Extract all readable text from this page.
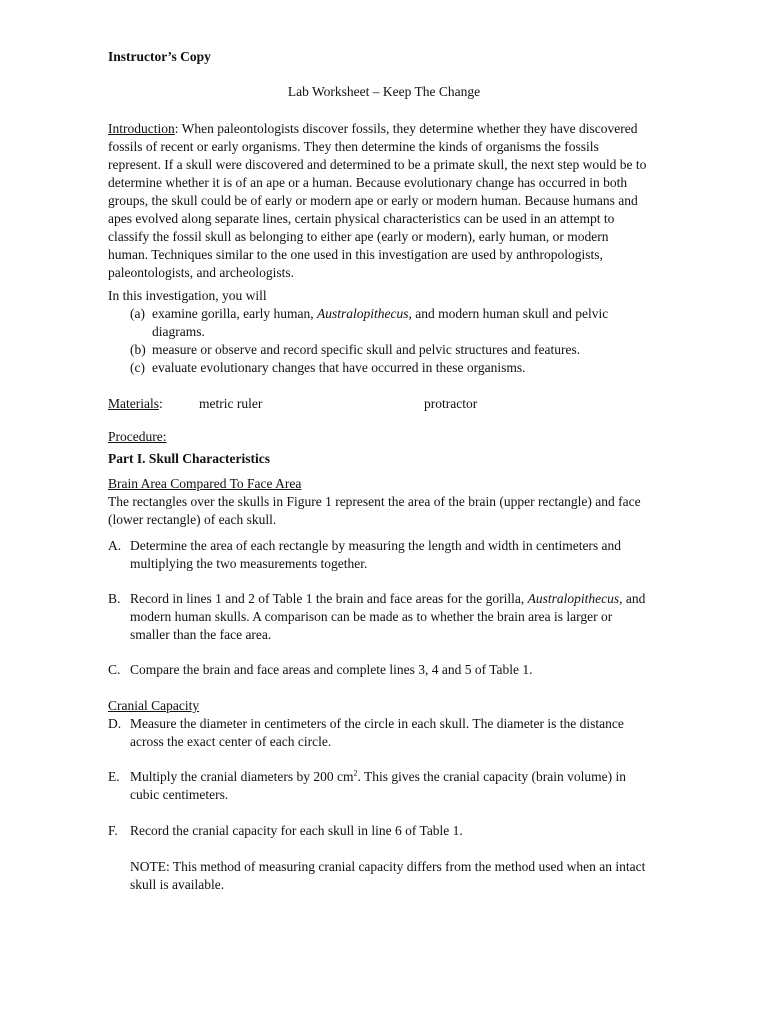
Instructor’s Copy
Lab Worksheet – Keep The Change

Introduction: When paleontologists discover fossils, they determine whether they have discovered

fossils of recent or early organisms. They then determine the kinds of organisms the fossils

represent. If a skull were discovered and determined to be a primate skull, the next step would be to

determine whether it is of an ape or a human. Because evolutionary change has occurred in both

groups, the skull could be of early or modern ape or early or modern human. Because humans and

apes evolved along separate lines, certain physical characteristics can be used in an attempt to

classify the fossil skull as belonging to either ape (early or modern), early human, or modern

human. Techniques similar to the one used in this investigation are used by anthropologists,

paleontologists, and archeologists.

In this investigation, you will
(a) examine gorilla, early human, Australopithecus, and modern human skull and pelvic
diagrams.
(b) measure or observe and record specific skull and pelvic structures and features.
(c) evaluate evolutionary changes that have occurred in these organisms.
Materials:	metric ruler	protractor
Procedure:
Part I. Skull Characteristics
Brain Area Compared To Face Area
The rectangles over the skulls in Figure 1 represent the area of the brain (upper rectangle) and face
(lower rectangle) of each skull.
A. Determine the area of each rectangle by measuring the length and width in centimeters and
multiplying the two measurements together.
B. Record in lines 1 and 2 of Table 1 the brain and face areas for the gorilla, Australopithecus, and
modern human skulls. A comparison can be made as to whether the brain area is larger or
smaller than the face area.
C. Compare the brain and face areas and complete lines 3, 4 and 5 of Table 1.
Cranial Capacity
D. Measure the diameter in centimeters of the circle in each skull. The diameter is the distance
across the exact center of each circle.
E. Multiply the cranial diameters by 200 $cm^2$. This gives the cranial capacity (brain volume) in
cubic centimeters.
F. Record the cranial capacity for each skull in line 6 of Table 1.
NOTE: This method of measuring cranial capacity differs from the method used when an intact
skull is available.
